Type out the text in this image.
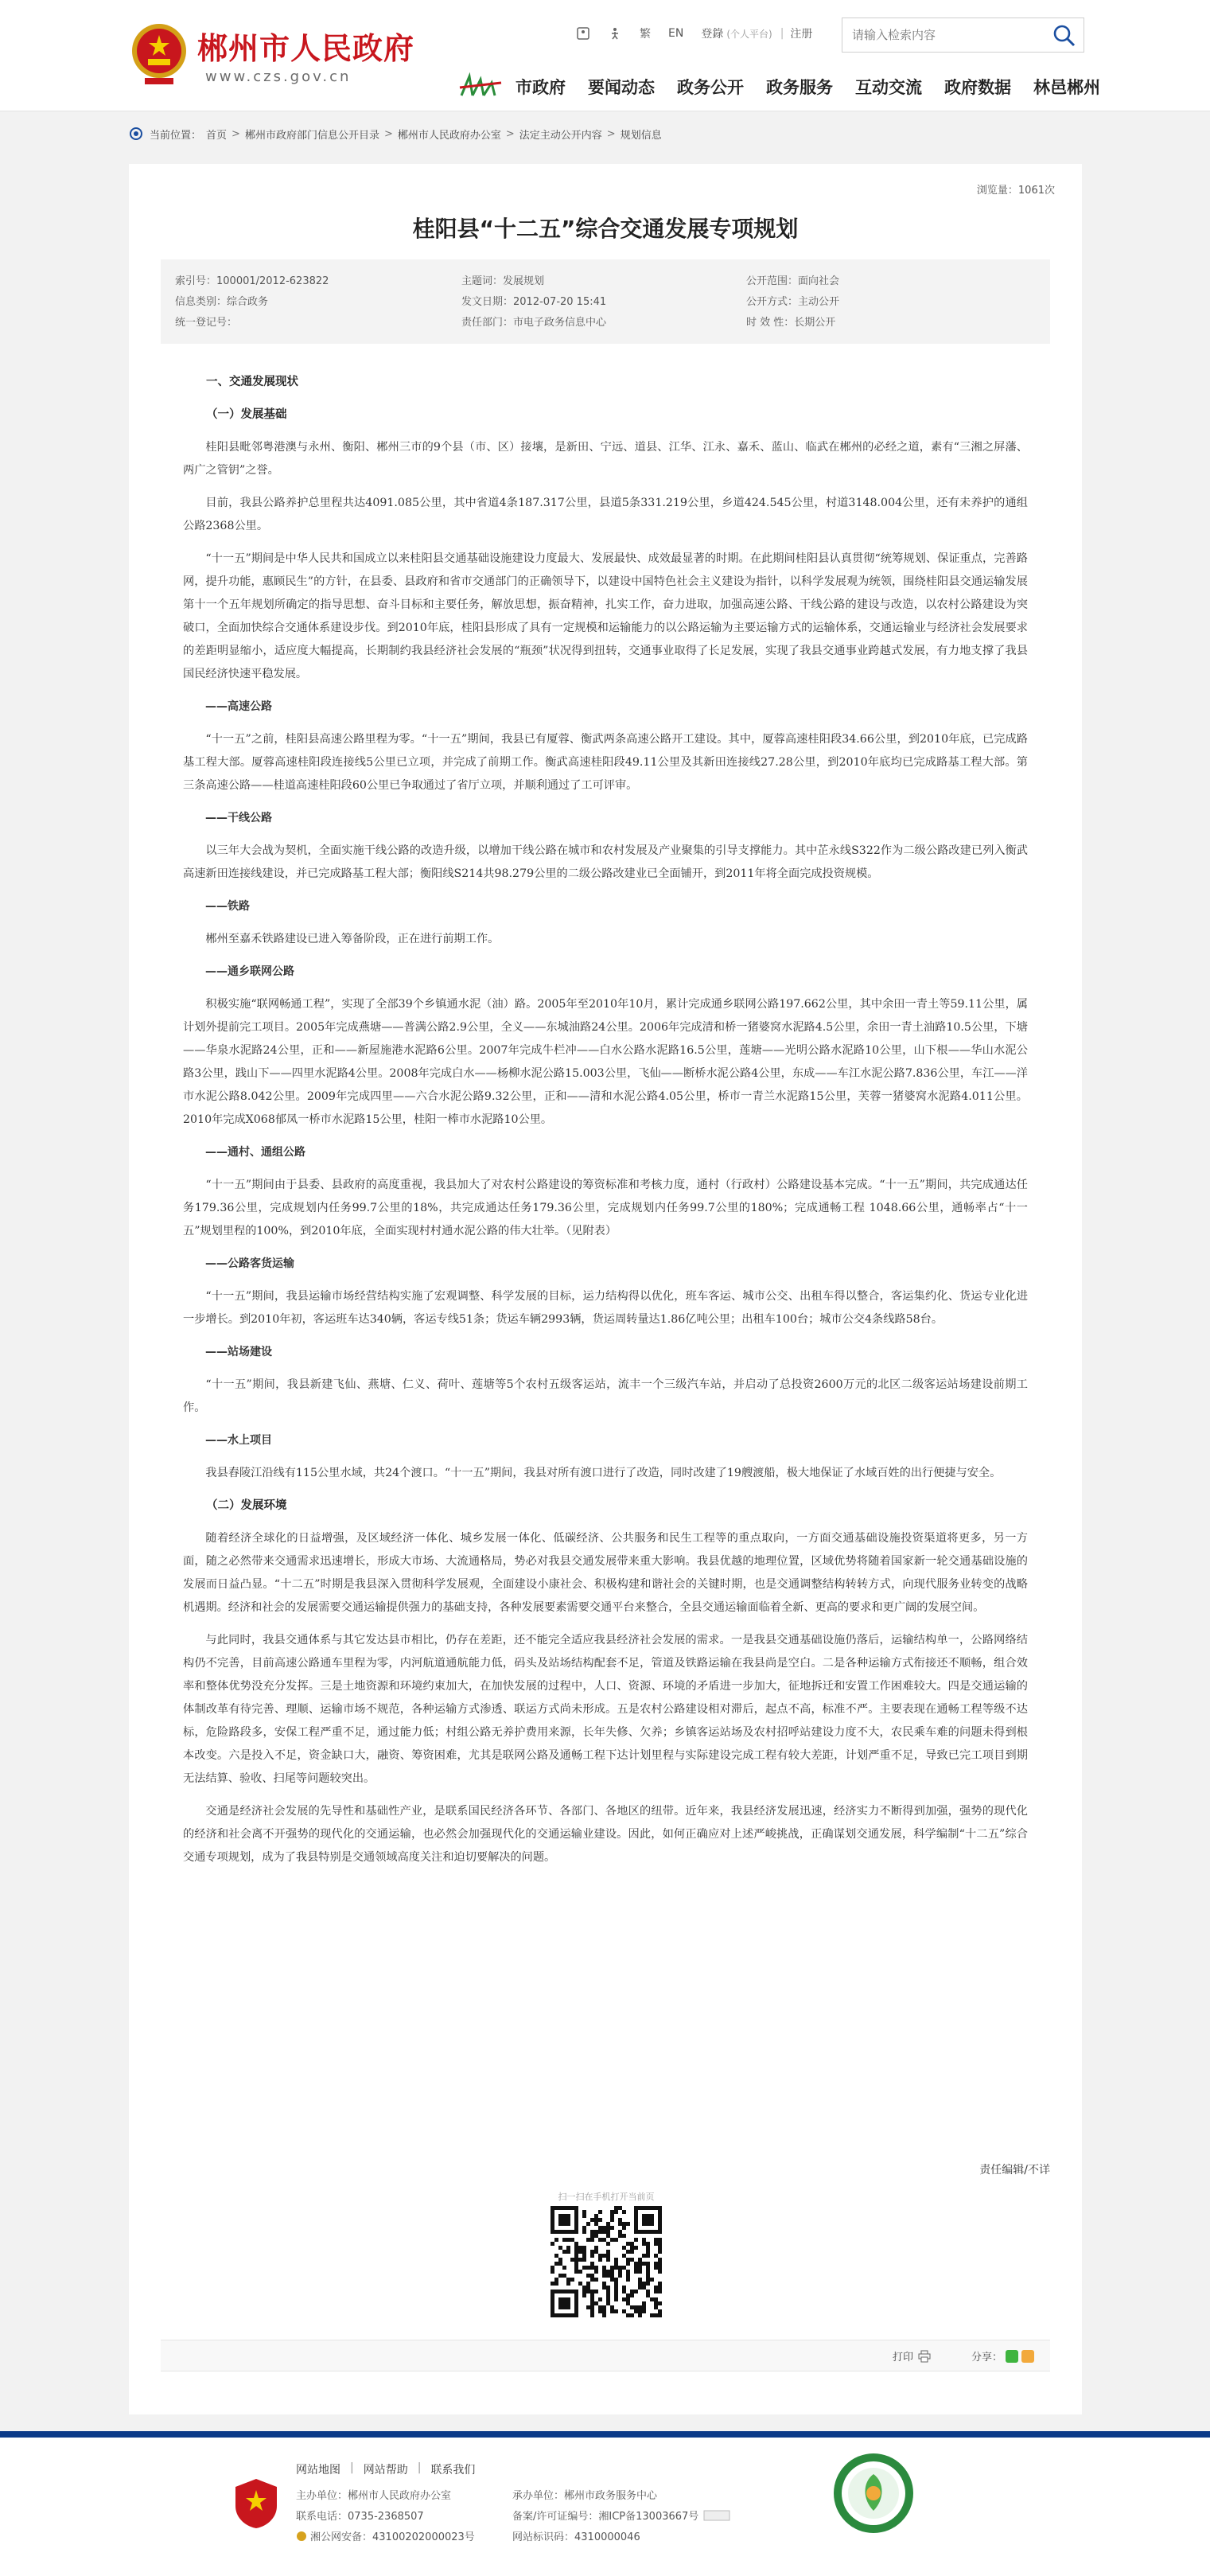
郴州市人民政府
www.czs.gov.cn
繁 EN 登錄 (个人平台) | 注册
请输入检索内容
市政府 要闻动态 政务公开 政务服务 互动交流 政府数据 林邑郴州
当前位置： 首页 > 郴州市政府部门信息公开目录 > 郴州市人民政府办公室 > 法定主动公开内容 > 规划信息
浏览量：1061次
桂阳县“十二五”综合交通发展专项规划
索引号：100001/2012-623822	主题词：发展规划	公开范围：面向社会
信息类别：综合政务	发文日期：2012-07-20 15:41	公开方式：主动公开
统一登记号：	责任部门：市电子政务信息中心	时 效 性：长期公开
一、交通发展现状
（一）发展基础

桂阳县毗邻粤港澳与永州、衡阳、郴州三市的9个县（市、区）接壤，是新田、宁远、道县、江华、江永、嘉禾、蓝山、临武在郴州的必经之道，素有“三湘之屏藩、两广之管钥”之誉。

目前，我县公路养护总里程共达4091.085公里，其中省道4条187.317公里，县道5条331.219公里，乡道424.545公里，村道3148.004公里，还有未养护的通组公路2368公里。

“十一五”期间是中华人民共和国成立以来桂阳县交通基础设施建设力度最大、发展最快、成效最显著的时期。在此期间桂阳县认真贯彻“统筹规划、保证重点，完善路网，提升功能，惠顾民生”的方针，在县委、县政府和省市交通部门的正确领导下，以建设中国特色社会主义建设为指针，以科学发展观为统领，围绕桂阳县交通运输发展第十一个五年规划所确定的指导思想、奋斗目标和主要任务，解放思想，振奋精神，扎实工作，奋力进取，加强高速公路、干线公路的建设与改造，以农村公路建设为突破口，全面加快综合交通体系建设步伐。到2010年底，桂阳县形成了具有一定规模和运输能力的以公路运输为主要运输方式的运输体系，交通运输业与经济社会发展要求的差距明显缩小，适应度大幅提高，长期制约我县经济社会发展的“瓶颈”状况得到扭转，交通事业取得了长足发展，实现了我县交通事业跨越式发展，有力地支撑了我县国民经济快速平稳发展。

——高速公路

“十一五”之前，桂阳县高速公路里程为零。“十一五”期间，我县已有厦蓉、衡武两条高速公路开工建设。其中，厦蓉高速桂阳段34.66公里，到2010年底，已完成路基工程大部。厦蓉高速桂阳段连接线5公里已立项，并完成了前期工作。衡武高速桂阳段49.11公里及其新田连接线27.28公里，到2010年底均已完成路基工程大部。第三条高速公路——桂道高速桂阳段60公里已争取通过了省厅立项，并顺利通过了工可评审。

——干线公路

以三年大会战为契机，全面实施干线公路的改造升级，以增加干线公路在城市和农村发展及产业聚集的引导支撑能力。其中芷永线S322作为二级公路改建已列入衡武高速新田连接线建设，并已完成路基工程大部；衡阳线S214共98.279公里的二级公路改建业已全面铺开，到2011年将全面完成投资规模。

——铁路

郴州至嘉禾铁路建设已进入筹备阶段，正在进行前期工作。

——通乡联网公路

积极实施“联网畅通工程”，实现了全部39个乡镇通水泥（油）路。2005年至2010年10月，累计完成通乡联网公路197.662公里，其中余田一青土等59.11公里，属计划外提前完工项目。2005年完成燕塘——普满公路2.9公里，全义——东城油路24公里。2006年完成清和桥一猪婆窝水泥路4.5公里，余田一青土油路10.5公里，下塘——华泉水泥路24公里，正和——新屋施港水泥路6公里。2007年完成牛栏冲——白水公路水泥路16.5公里，莲塘——光明公路水泥路10公里，山下根——华山水泥公路3公里，践山下——四里水泥路4公里。2008年完成白水——杨柳水泥公路15.003公里，飞仙——断桥水泥公路4公里，东成——车江水泥公路7.836公里，车江——洋市水泥公路8.042公里。2009年完成四里——六合水泥公路9.32公里，正和——清和水泥公路4.05公里，桥市一青兰水泥路15公里，芙蓉一猪婆窝水泥路4.011公里。2010年完成X068郁凤一桥市水泥路15公里，桂阳一棒市水泥路10公里。

——通村、通组公路

“十一五”期间由于县委、县政府的高度重视，我县加大了对农村公路建设的筹资标准和考核力度，通村（行政村）公路建设基本完成。“十一五”期间，共完成通达任务179.36公里，完成规划内任务99.7公里的18%，共完成通达任务179.36公里，完成规划内任务99.7公里的180%；完成通畅工程 1048.66公里，通畅率占“十一五”规划里程的100%，到2010年底，全面实现村村通水泥公路的伟大壮举。（见附表）

——公路客货运输

“十一五”期间，我县运输市场经营结构实施了宏观调整、科学发展的目标，运力结构得以优化，班车客运、城市公交、出租车得以整合，客运集约化、货运专业化进一步增长。到2010年初，客运班车达340辆，客运专线51条；货运车辆2993辆，货运周转量达1.86亿吨公里；出租车100台；城市公交4条线路58台。

——站场建设

“十一五”期间，我县新建飞仙、燕塘、仁义、荷叶、莲塘等5个农村五级客运站，流丰一个三级汽车站，并启动了总投资2600万元的北区二级客运站场建设前期工作。

——水上项目

我县舂陵江沿线有115公里水域，共24个渡口。“十一五”期间，我县对所有渡口进行了改造，同时改建了19艘渡船，极大地保证了水域百姓的出行便捷与安全。

（二）发展环境

随着经济全球化的日益增强，及区域经济一体化、城乡发展一体化、低碳经济、公共服务和民生工程等的重点取向，一方面交通基础设施投资渠道将更多，另一方面，随之必然带来交通需求迅速增长，形成大市场、大流通格局，势必对我县交通发展带来重大影响。我县优越的地理位置，区域优势将随着国家新一轮交通基础设施的发展而日益凸显。“十二五”时期是我县深入贯彻科学发展观，全面建设小康社会、积极构建和谐社会的关键时期，也是交通调整结构转转方式，向现代服务业转变的战略机遇期。经济和社会的发展需要交通运输提供强力的基础支持，各种发展要素需要交通平台来整合，全县交通运输面临着全新、更高的要求和更广阔的发展空间。

与此同时，我县交通体系与其它发达县市相比，仍存在差距，还不能完全适应我县经济社会发展的需求。一是我县交通基础设施仍落后，运输结构单一，公路网络结构仍不完善，目前高速公路通车里程为零，内河航道通航能力低，码头及站场结构配套不足，管道及铁路运输在我县尚是空白。二是各种运输方式衔接还不顺畅，组合效率和整体优势没充分发挥。三是土地资源和环境约束加大，在加快发展的过程中，人口、资源、环境的矛盾进一步加大，征地拆迁和安置工作困难较大。四是交通运输的体制改革有待完善、理顺、运输市场不规范，各种运输方式渗透、联运方式尚未形成。五是农村公路建设相对滞后，起点不高，标准不严。主要表现在通畅工程等级不达标，危险路段多，安保工程严重不足，通过能力低；村组公路无养护费用来源，长年失修、欠养；乡镇客运站场及农村招呼站建设力度不大，农民乘车难的问题未得到根本改变。六是投入不足，资金缺口大，融资、筹资困难，尤其是联网公路及通畅工程下达计划里程与实际建设完成工程有较大差距，计划严重不足，导致已完工项目到期无法结算、验收、扫尾等问题较突出。

交通是经济社会发展的先导性和基础性产业，是联系国民经济各环节、各部门、各地区的纽带。近年来，我县经济发展迅速，经济实力不断得到加强，强势的现代化的经济和社会离不开强势的现代化的交通运输，也必然会加强现代化的交通运输业建设。因此，如何正确应对上述严峻挑战，正确谋划交通发展，科学编制“十二五”综合交通专项规划，成为了我县特别是交通领域高度关注和迫切要解决的问题。

责任编辑/不详
扫一扫在手机打开当前页
打印	分享：
网站地图 | 网站帮助 | 联系我们
主办单位：郴州市人民政府办公室
联系电话：0735-2368507
湘公网安备：43100202000023号
承办单位：郴州市政务服务中心
备案/许可证编号：湘ICP备13003667号
网站标识码：4310000046
